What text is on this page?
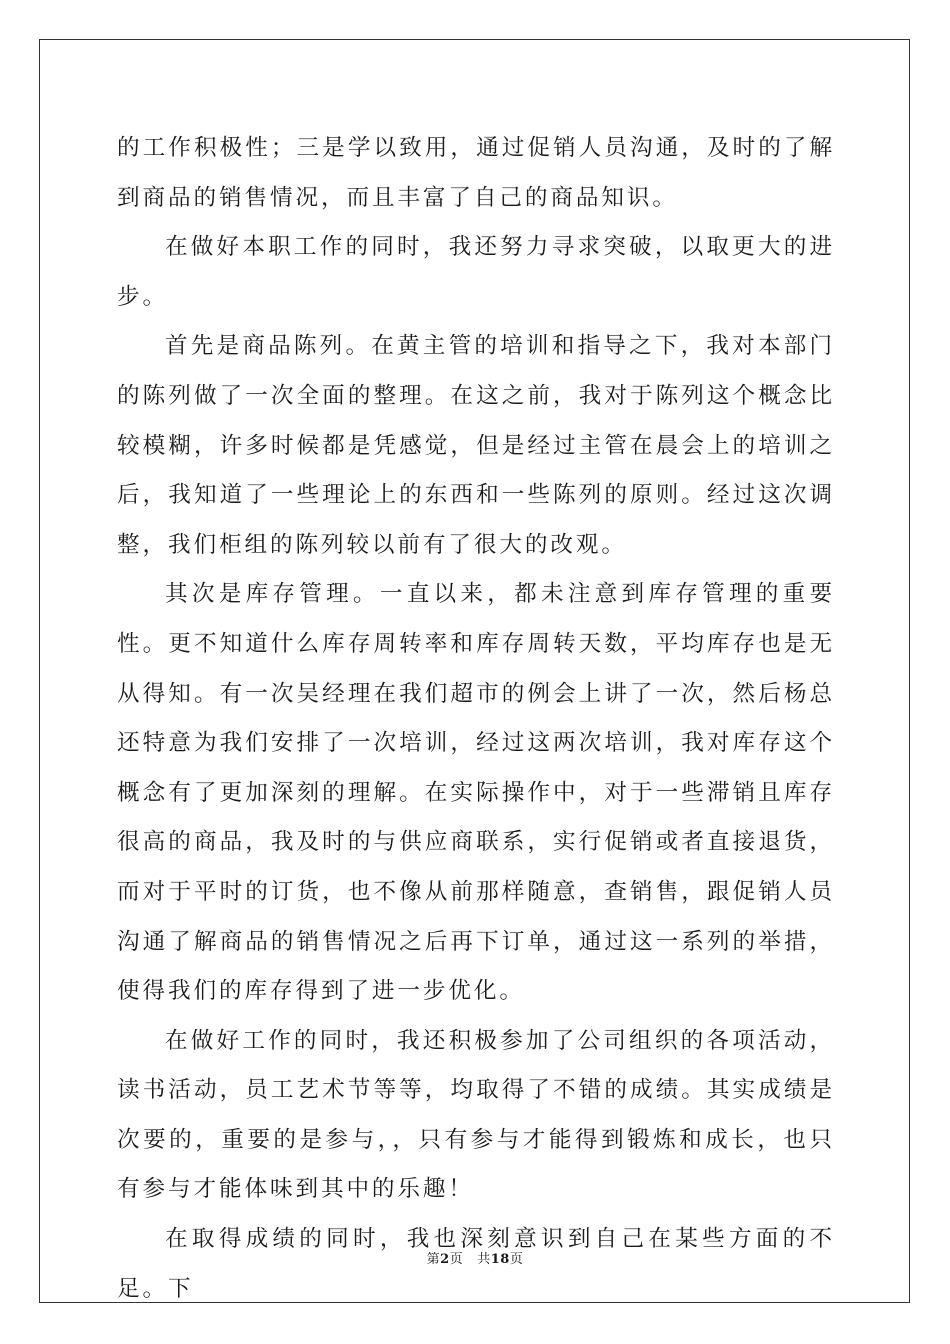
的工作积极性；三是学以致用，通过促销人员沟通，及时的了解到商品的销售情况，而且丰富了自己的商品知识。

在做好本职工作的同时，我还努力寻求突破，以取更大的进步。

首先是商品陈列。在黄主管的培训和指导之下，我对本部门的陈列做了一次全面的整理。在这之前，我对于陈列这个概念比较模糊，许多时候都是凭感觉，但是经过主管在晨会上的培训之后，我知道了一些理论上的东西和一些陈列的原则。经过这次调整，我们柜组的陈列较以前有了很大的改观。

其次是库存管理。一直以来，都未注意到库存管理的重要性。更不知道什么库存周转率和库存周转天数，平均库存也是无从得知。有一次吴经理在我们超市的例会上讲了一次，然后杨总还特意为我们安排了一次培训，经过这两次培训，我对库存这个概念有了更加深刻的理解。在实际操作中，对于一些滞销且库存很高的商品，我及时的与供应商联系，实行促销或者直接退货，而对于平时的订货，也不像从前那样随意，查销售，跟促销人员沟通了解商品的销售情况之后再下订单，通过这一系列的举措，使得我们的库存得到了进一步优化。

在做好工作的同时，我还积极参加了公司组织的各项活动，读书活动，员工艺术节等等，均取得了不错的成绩。其实成绩是次要的，重要的是参与，，只有参与才能得到锻炼和成长，也只有参与才能体味到其中的乐趣！

在取得成绩的同时，我也深刻意识到自己在某些方面的不足。下

第2页 共18页
